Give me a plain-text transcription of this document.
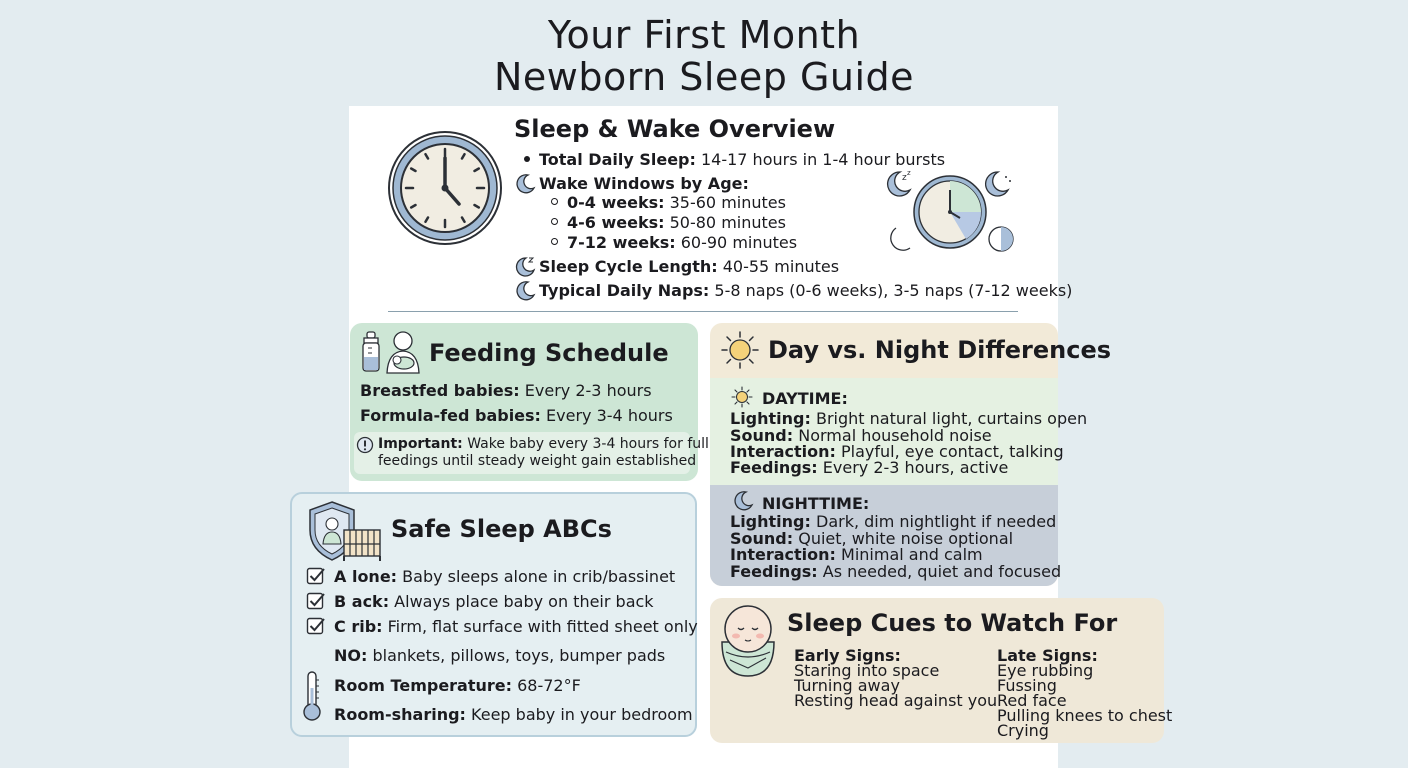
Your First Month
Newborn Sleep Guide
Sleep & Wake Overview
Total Daily Sleep: 14-17 hours in 1-4 hour bursts
Wake Windows by Age:
0-4 weeks: 35-60 minutes
4-6 weeks: 50-80 minutes
7-12 weeks: 60-90 minutes
Sleep Cycle Length: 40-55 minutes
Typical Daily Naps: 5-8 naps (0-6 weeks), 3-5 naps (7-12 weeks)
z z
Feeding Schedule
Breastfed babies: Every 2-3 hours
Formula-fed babies: Every 3-4 hours
Important: Wake baby every 3-4 hours for full
feedings until steady weight gain established
Day vs. Night Differences
DAYTIME:
Lighting: Bright natural light, curtains open
Sound: Normal household noise
Interaction: Playful, eye contact, talking
Feedings: Every 2-3 hours, active
NIGHTTIME:
Lighting: Dark, dim nightlight if needed
Sound: Quiet, white noise optional
Interaction: Minimal and calm
Feedings: As needed, quiet and focused
Safe Sleep ABCs
A lone: Baby sleeps alone in crib/bassinet
B ack: Always place baby on their back
C rib: Firm, flat surface with fitted sheet only
NO: blankets, pillows, toys, bumper pads
Room Temperature: 68-72°F
Room-sharing: Keep baby in your bedroom
Sleep Cues to Watch For
Early Signs:
Staring into space
Turning away
Resting head against you
Late Signs:
Eye rubbing
Fussing
Red face
Pulling knees to chest
Crying
